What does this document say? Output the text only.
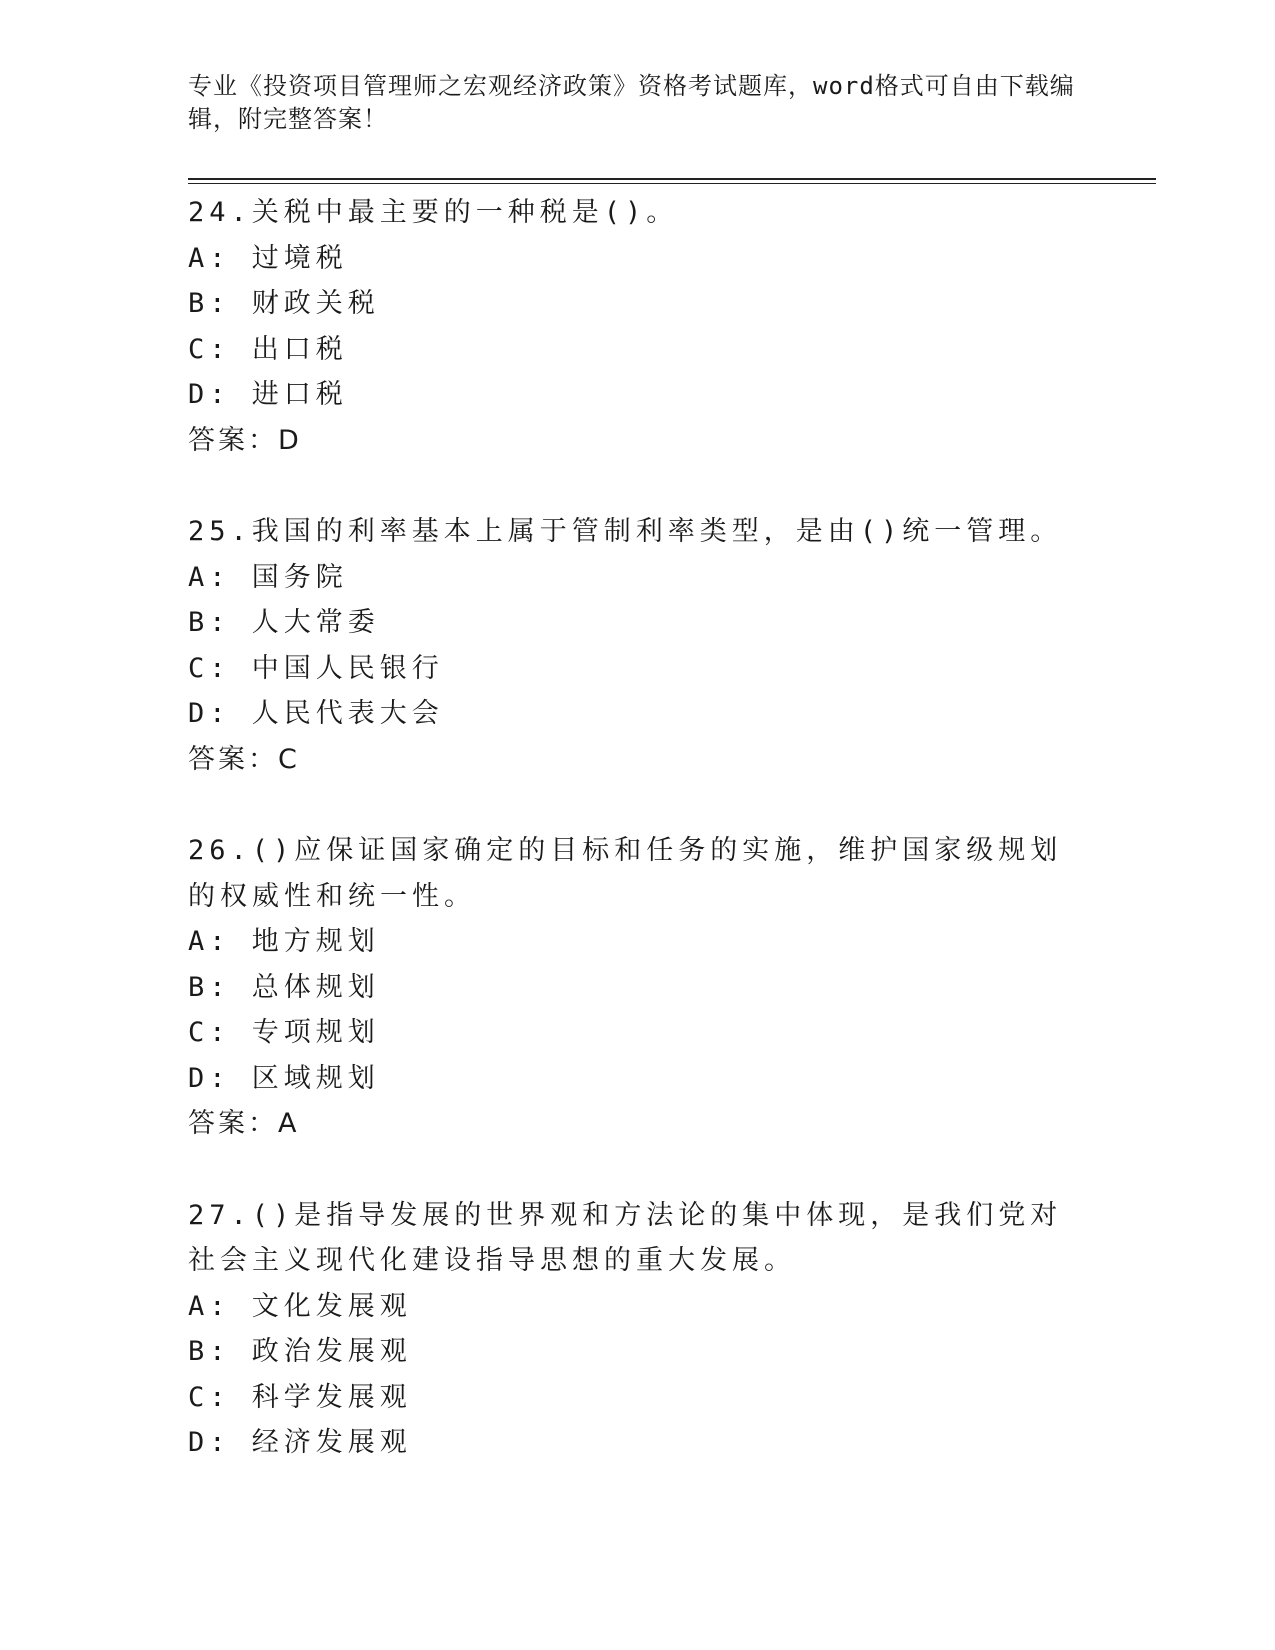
专业《投资项目管理师之宏观经济政策》资格考试题库，word格式可自由下载编辑，附完整答案！
24.关税中最主要的一种税是()。
A: 过境税
B: 财政关税
C: 出口税
D: 进口税
答案：D
25.我国的利率基本上属于管制利率类型，是由()统一管理。
A: 国务院
B: 人大常委
C: 中国人民银行
D: 人民代表大会
答案：C
26.()应保证国家确定的目标和任务的实施，维护国家级规划的权威性和统一性。
A: 地方规划
B: 总体规划
C: 专项规划
D: 区域规划
答案：A
27.()是指导发展的世界观和方法论的集中体现，是我们党对社会主义现代化建设指导思想的重大发展。
A: 文化发展观
B: 政治发展观
C: 科学发展观
D: 经济发展观
